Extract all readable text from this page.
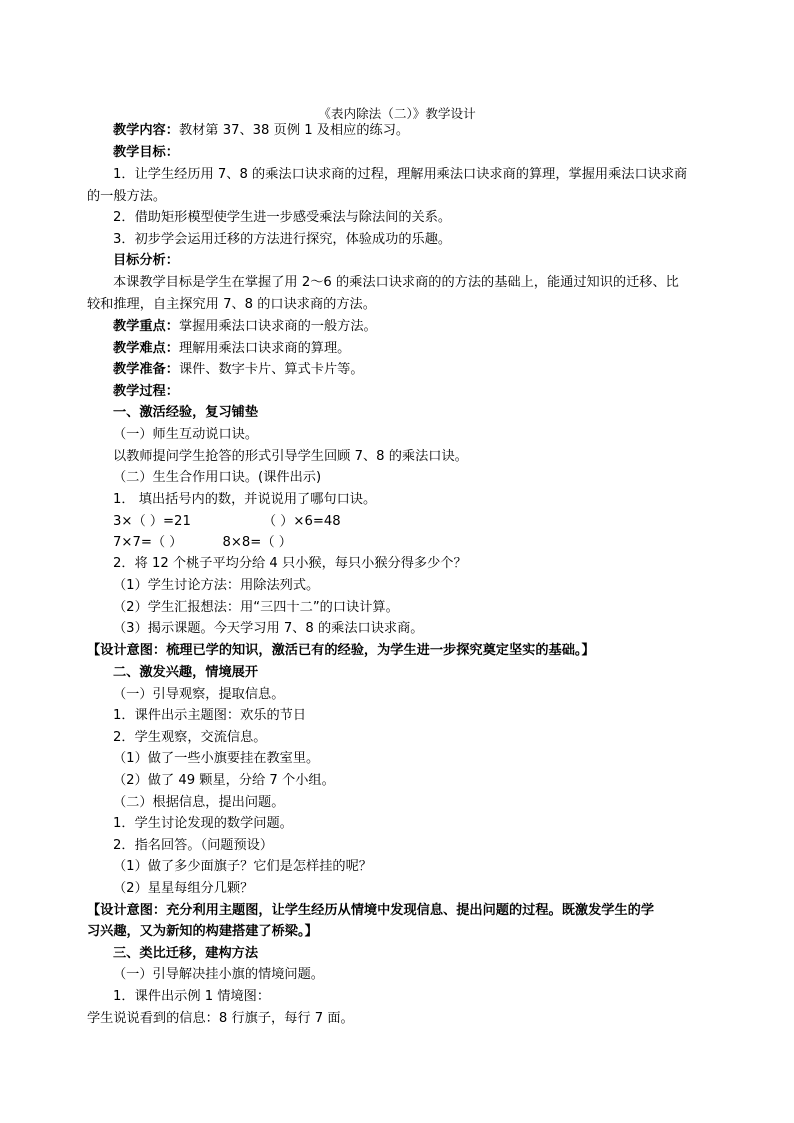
《表内除法（二）》教学设计
教学内容：教材第 37、38 页例 1 及相应的练习。
教学目标：
1．让学生经历用 7、8 的乘法口诀求商的过程，理解用乘法口诀求商的算理，掌握用乘法口诀求商
的一般方法。
2．借助矩形模型使学生进一步感受乘法与除法间的关系。
3．初步学会运用迁移的方法进行探究，体验成功的乐趣。
目标分析：
本课教学目标是学生在掌握了用 2～6 的乘法口诀求商的的方法的基础上，能通过知识的迁移、比
较和推理，自主探究用 7、8 的口诀求商的方法。
教学重点：掌握用乘法口诀求商的一般方法。
教学难点：理解用乘法口诀求商的算理。
教学准备：课件、数字卡片、算式卡片等。
教学过程：
一、激活经验，复习铺垫
（一）师生互动说口诀。
以教师提问学生抢答的形式引导学生回顾 7、8 的乘法口诀。
（二）生生合作用口诀。(课件出示)
1． 填出括号内的数，并说说用了哪句口诀。
3×（ ）=21	（ ）×6=48
7×7=（ ）	8×8=（ ）
2．将 12 个桃子平均分给 4 只小猴，每只小猴分得多少个？
（1）学生讨论方法：用除法列式。
（2）学生汇报想法：用“三四十二”的口诀计算。
（3）揭示课题。今天学习用 7、8 的乘法口诀求商。
【设计意图：梳理已学的知识，激活已有的经验，为学生进一步探究奠定坚实的基础。】
二、激发兴趣，情境展开
（一）引导观察，提取信息。
1．课件出示主题图：欢乐的节日
2．学生观察，交流信息。
（1）做了一些小旗要挂在教室里。
（2）做了 49 颗星，分给 7 个小组。
（二）根据信息，提出问题。
1．学生讨论发现的数学问题。
2．指名回答。（问题预设）
（1）做了多少面旗子？它们是怎样挂的呢？
（2）星星每组分几颗？
【设计意图：充分利用主题图，让学生经历从情境中发现信息、提出问题的过程。既激发学生的学
习兴趣，又为新知的构建搭建了桥梁。】
三、类比迁移，建构方法
（一）引导解决挂小旗的情境问题。
1．课件出示例 1 情境图：
学生说说看到的信息：8 行旗子，每行 7 面。
